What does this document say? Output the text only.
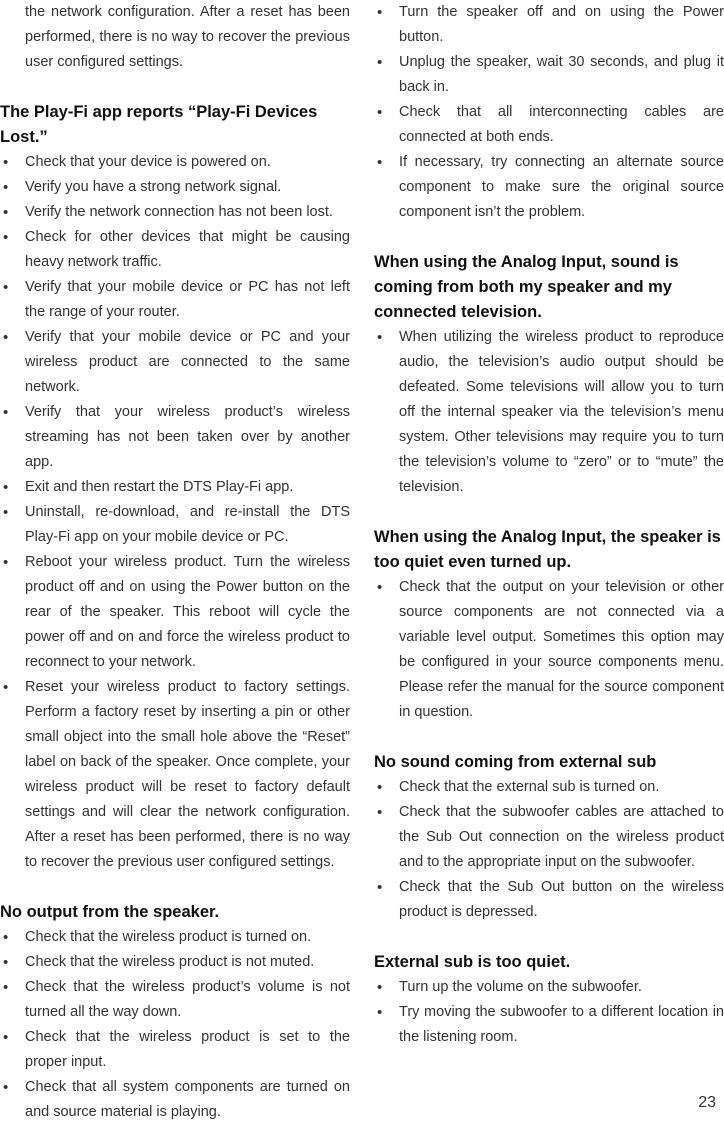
the network configuration. After a reset has been performed, there is no way to recover the previous user configured settings.

The Play-Fi app reports “Play-Fi Devices Lost.”
• Check that your device is powered on.
• Verify you have a strong network signal.
• Verify the network connection has not been lost.
• Check for other devices that might be causing heavy network traffic.
• Verify that your mobile device or PC has not left the range of your router.
• Verify that your mobile device or PC and your wireless product are connected to the same network.
• Verify that your wireless product’s wireless streaming has not been taken over by another app.
• Exit and then restart the DTS Play-Fi app.
• Uninstall, re-download, and re-install the DTS Play-Fi app on your mobile device or PC.
• Reboot your wireless product. Turn the wireless product off and on using the Power button on the rear of the speaker. This reboot will cycle the power off and on and force the wireless product to reconnect to your network.
• Reset your wireless product to factory settings. Perform a factory reset by inserting a pin or other small object into the small hole above the “Reset” label on back of the speaker. Once complete, your wireless product will be reset to factory default settings and will clear the network configuration. After a reset has been performed, there is no way to recover the previous user configured settings.
No output from the speaker.
• Check that the wireless product is turned on.
• Check that the wireless product is not muted.
• Check that the wireless product’s volume is not turned all the way down.
• Check that the wireless product is set to the proper input.
• Check that all system components are turned on and source material is playing.
• Turn the speaker off and on using the Power button.
• Unplug the speaker, wait 30 seconds, and plug it back in.
• Check that all interconnecting cables are connected at both ends.
• If necessary, try connecting an alternate source component to make sure the original source component isn’t the problem.
When using the Analog Input, sound is coming from both my speaker and my connected television.
• When utilizing the wireless product to reproduce audio, the television’s audio output should be defeated. Some televisions will allow you to turn off the internal speaker via the television’s menu system. Other televisions may require you to turn the television’s volume to “zero” or to “mute” the television.
When using the Analog Input, the speaker is too quiet even turned up.
• Check that the output on your television or other source components are not connected via a variable level output. Sometimes this option may be configured in your source components menu. Please refer the manual for the source component in question.
No sound coming from external sub
• Check that the external sub is turned on.
• Check that the subwoofer cables are attached to the Sub Out connection on the wireless product and to the appropriate input on the subwoofer.
• Check that the Sub Out button on the wireless product is depressed.
External sub is too quiet.
• Turn up the volume on the subwoofer.
• Try moving the subwoofer to a different location in the listening room.
23
